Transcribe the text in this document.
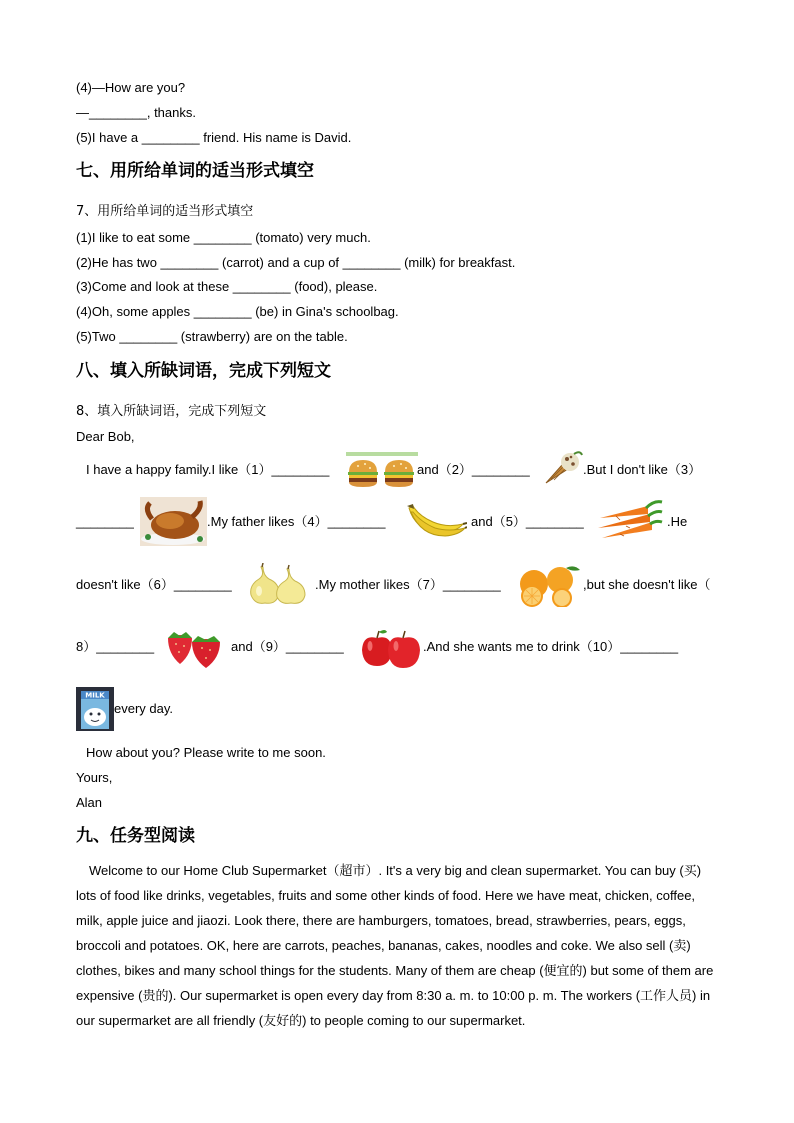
(4)—How are you?
—________, thanks.
(5)I have a ________ friend. His name is David.
七、用所给单词的适当形式填空
7、用所给单词的适当形式填空
(1)I like to eat some ________ (tomato) very much.
(2)He has two ________ (carrot) and a cup of ________ (milk) for breakfast.
(3)Come and look at these ________ (food), please.
(4)Oh, some apples ________ (be) in Gina's schoolbag.
(5)Two ________ (strawberry) are on the table.
八、填入所缺词语，完成下列短文
8、填入所缺词语，完成下列短文
Dear Bob,
I have a happy family.I like（1）________	and（2）________	.But I don't like（3）
________	.My father likes（4）________	and（5）________	.He
doesn't like（6）________	.My mother likes（7）________	,but she doesn't like（
8）________	and（9）________	.And she wants me to drink（10）________
MILK
every day.
How about you? Please write to me soon.
Yours,
Alan
九、任务型阅读
Welcome to our Home Club Supermarket（超市）. It's a very big and clean supermarket. You can buy (买) lots of food like drinks, vegetables, fruits and some other kinds of food. Here we have meat, chicken, coffee, milk, apple juice and jiaozi. Look there, there are hamburgers, tomatoes, bread, strawberries, pears, eggs, broccoli and potatoes. OK, here are carrots, peaches, bananas, cakes, noodles and coke. We also sell (卖) clothes, bikes and many school things for the students. Many of them are cheap (便宜的) but some of them are expensive (贵的). Our supermarket is open every day from 8:30 a. m. to 10:00 p. m. The workers (工作人员) in our supermarket are all friendly (友好的) to people coming to our supermarket.
